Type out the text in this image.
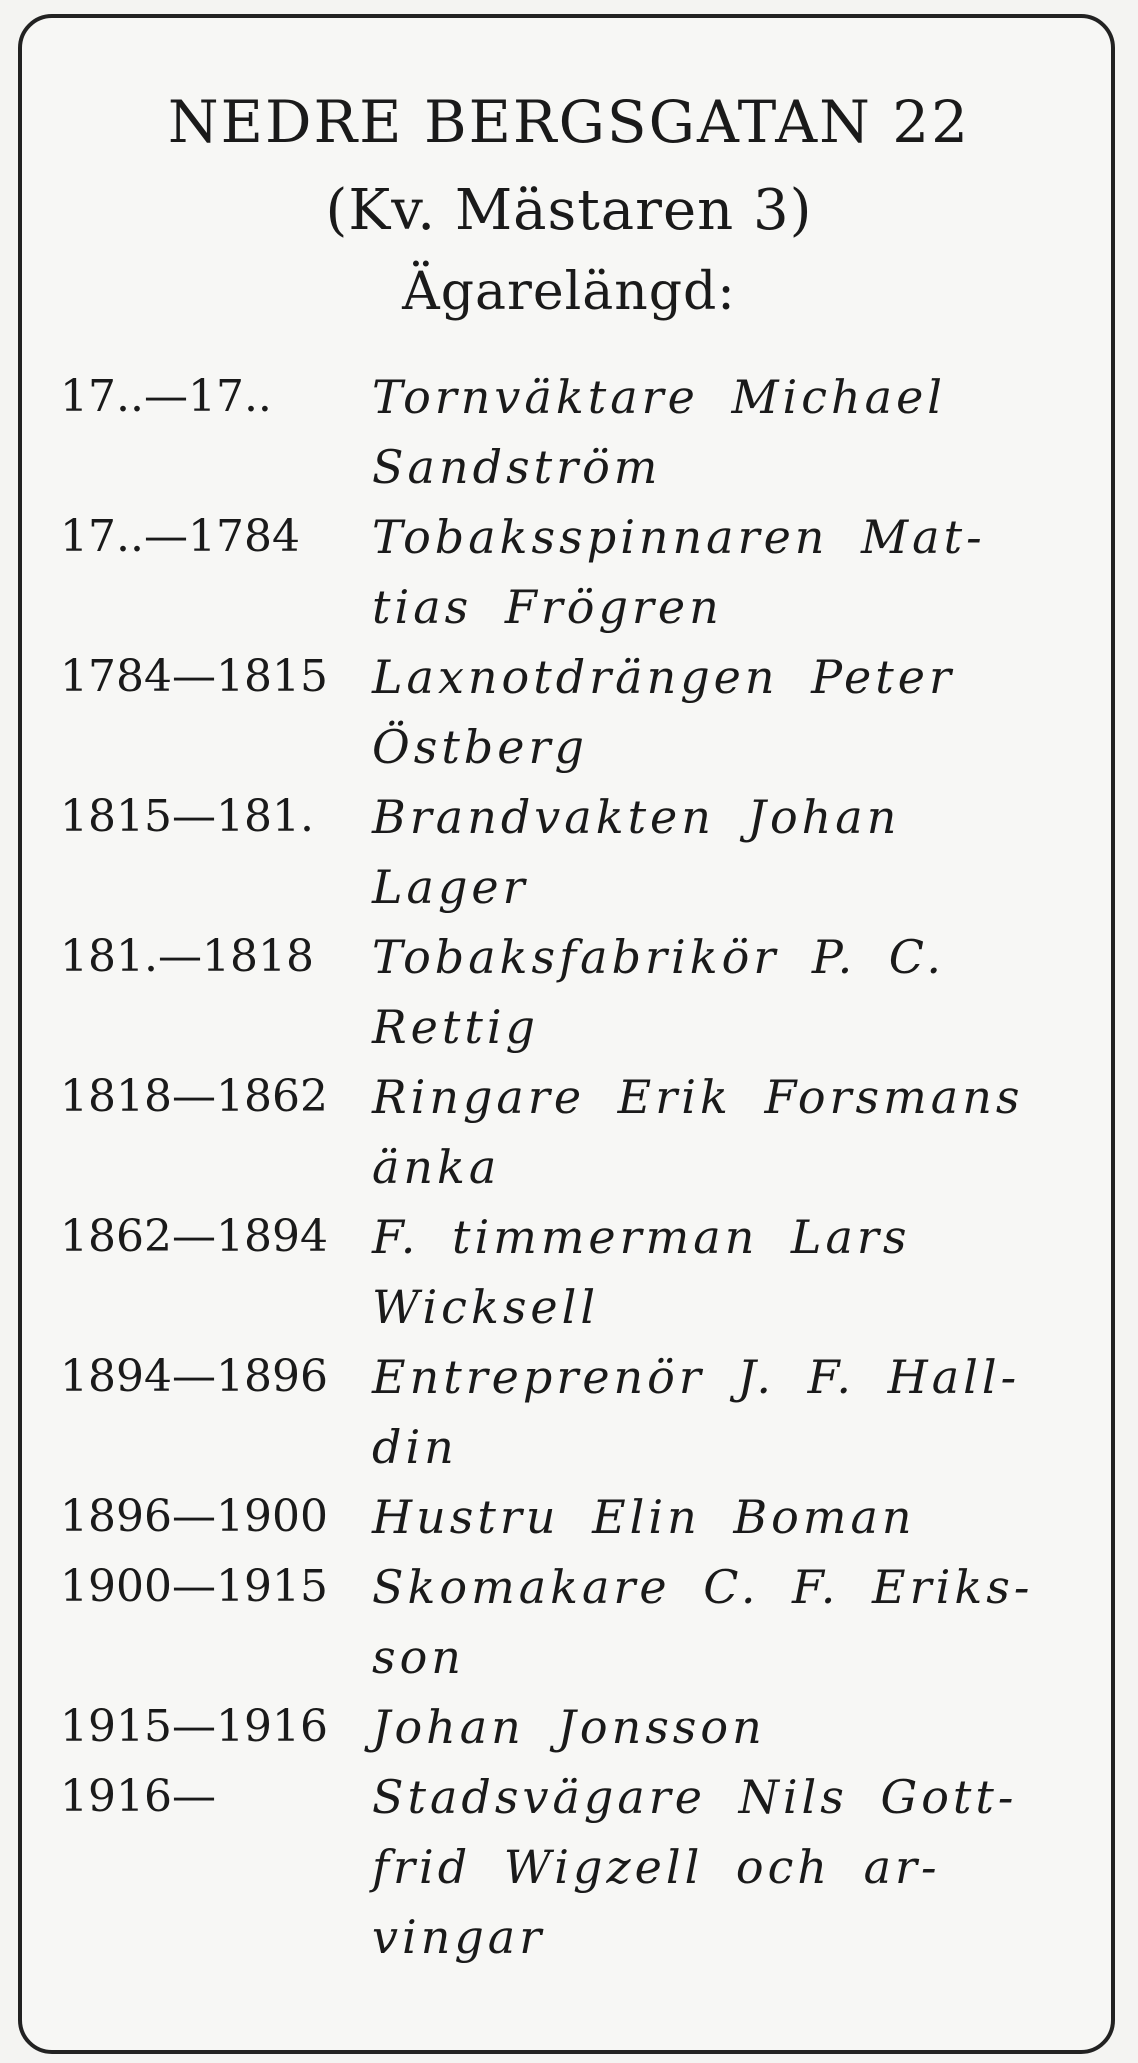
NEDRE BERGSGATAN 22
(Kv. Mästaren 3)
Ägarelängd:
17..—17..	Tornväktare Michael
Sandström
17..—1784	Tobaksspinnaren Mat-
tias Frögren
1784—1815 Laxnotdrängen Peter
Östberg
1815—181.	Brandvakten Johan
Lager
181.—1818	Tobaksfabrikör P. C.
Rettig
1818—1862 Ringare Erik Forsmans
änka
1862—1894 F. timmerman Lars
Wicksell
1894—1896 Entreprenör J. F. Hall-
din
1896—1900 Hustru Elin Boman
1900—1915 Skomakare C. F. Eriks-
son
1915—1916 Johan Jonsson
1916—	Stadsvägare Nils Gott-
frid Wigzell och ar-
vingar
